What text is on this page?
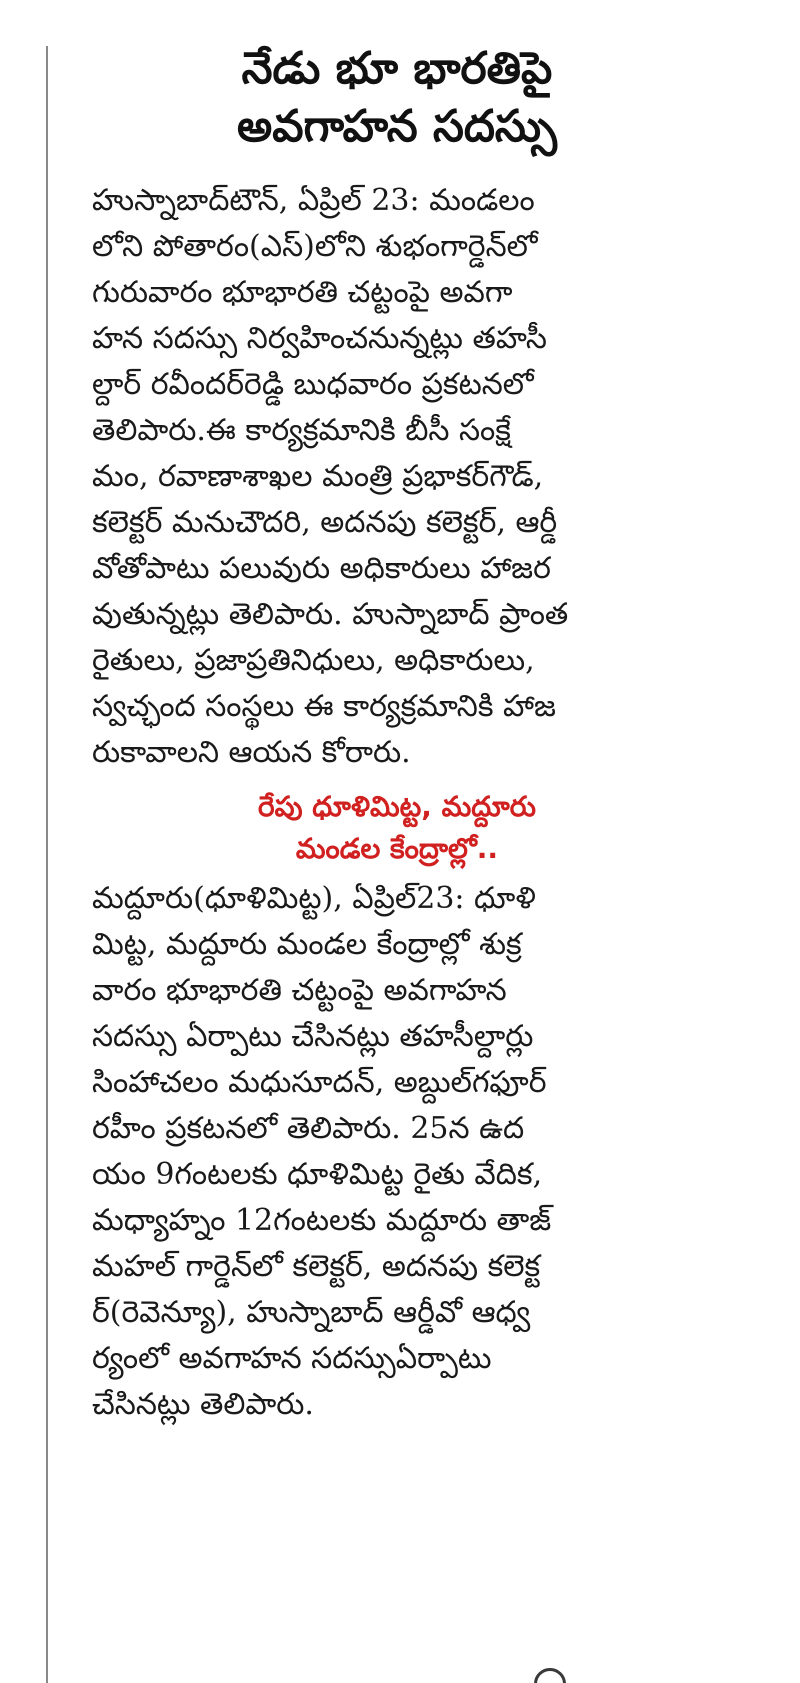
నేడు భూ భారతిపై
అవగాహన సదస్సు

హుస్నాబాద్‌టౌన్‌, ఏప్రిల్‌ 23: మండలం
లోని పోతారం(ఎస్‌)లోని శుభంగార్డెన్‌లో
గురువారం భూభారతి చట్టంపై అవగా
హన సదస్సు నిర్వహించనున్నట్లు తహసీ
ల్దార్‌ రవీందర్‌రెడ్డి బుధవారం ప్రకటనలో
తెలిపారు.ఈ కార్యక్రమానికి బీసీ సంక్షే
మం, రవాణాశాఖల మంత్రి ప్రభాకర్‌గౌడ్‌,
కలెక్టర్‌ మనుచౌదరి, అదనపు కలెక్టర్‌, ఆర్డీ
వోతోపాటు పలువురు అధికారులు హాజర
వుతున్నట్లు తెలిపారు. హుస్నాబాద్‌ ప్రాంత
రైతులు, ప్రజాప్రతినిధులు, అధికారులు,
స్వచ్ఛంద సంస్థలు ఈ కార్యక్రమానికి హాజ
రుకావాలని ఆయన కోరారు.

రేపు ధూళిమిట్ట, మద్దూరు
మండల కేంద్రాల్లో..

మద్దూరు(ధూళిమిట్ట), ఏప్రిల్‌23: ధూళి
మిట్ట, మద్దూరు మండల కేంద్రాల్లో శుక్ర
వారం భూభారతి చట్టంపై అవగాహన
సదస్సు ఏర్పాటు చేసినట్లు తహసీల్దార్లు
సింహాచలం మధుసూదన్‌, అబ్దుల్‌గఫూర్‌
రహీం ప్రకటనలో తెలిపారు. 25న ఉద
యం 9గంటలకు ధూళిమిట్ట రైతు వేదిక,
మధ్యాహ్నం 12గంటలకు మద్దూరు తాజ్‌
మహల్‌ గార్డెన్‌లో కలెక్టర్‌, అదనపు కలెక్ట
ర్‌(రెవెన్యూ), హుస్నాబాద్‌ ఆర్డీవో ఆధ్వ
ర్యంలో అవగాహన సదస్సుఏర్పాటు
చేసినట్లు తెలిపారు.
